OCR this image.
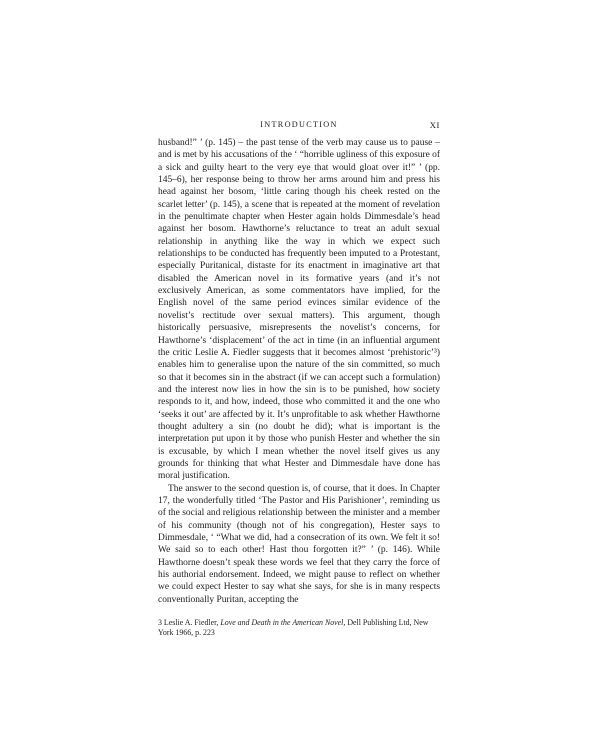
INTRODUCTION	XI

husband!” ’ (p. 145) – the past tense of the verb may cause us to pause – and is met by his accusations of the ‘ “horrible ugliness of this exposure of a sick and guilty heart to the very eye that would gloat over it!” ’ (pp. 145–6), her response being to throw her arms around him and press his head against her bosom, ‘little caring though his cheek rested on the scarlet letter’ (p. 145), a scene that is repeated at the moment of revelation in the penultimate chapter when Hester again holds Dimmesdale’s head against her bosom. Hawthorne’s reluctance to treat an adult sexual relationship in anything like the way in which we expect such relationships to be conducted has frequently been imputed to a Protestant, especially Puritanical, distaste for its enactment in imaginative art that disabled the American novel in its formative years (and it’s not exclusively American, as some commentators have implied, for the English novel of the same period evinces similar evidence of the novelist’s rectitude over sexual matters). This argument, though historically persuasive, misrepresents the novelist’s concerns, for Hawthorne’s ‘displacement’ of the act in time (in an influential argument the critic Leslie A. Fiedler suggests that it becomes almost ‘prehistoric’³) enables him to generalise upon the nature of the sin committed, so much so that it becomes sin in the abstract (if we can accept such a formulation) and the interest now lies in how the sin is to be punished, how society responds to it, and how, indeed, those who committed it and the one who ‘seeks it out’ are affected by it. It’s unprofitable to ask whether Hawthorne thought adultery a sin (no doubt he did); what is important is the interpretation put upon it by those who punish Hester and whether the sin is excusable, by which I mean whether the novel itself gives us any grounds for thinking that what Hester and Dimmesdale have done has moral justification.

The answer to the second question is, of course, that it does. In Chapter 17, the wonderfully titled ‘The Pastor and His Parishioner’, reminding us of the social and religious relationship between the minister and a member of his community (though not of his congregation), Hester says to Dimmesdale, ‘ “What we did, had a consecration of its own. We felt it so! We said so to each other! Hast thou forgotten it?” ’ (p. 146). While Hawthorne doesn’t speak these words we feel that they carry the force of his authorial endorsement. Indeed, we might pause to reflect on whether we could expect Hester to say what she says, for she is in many respects conventionally Puritan, accepting the

3 Leslie A. Fiedler, Love and Death in the American Novel, Dell Publishing Ltd, New York 1966, p. 223
